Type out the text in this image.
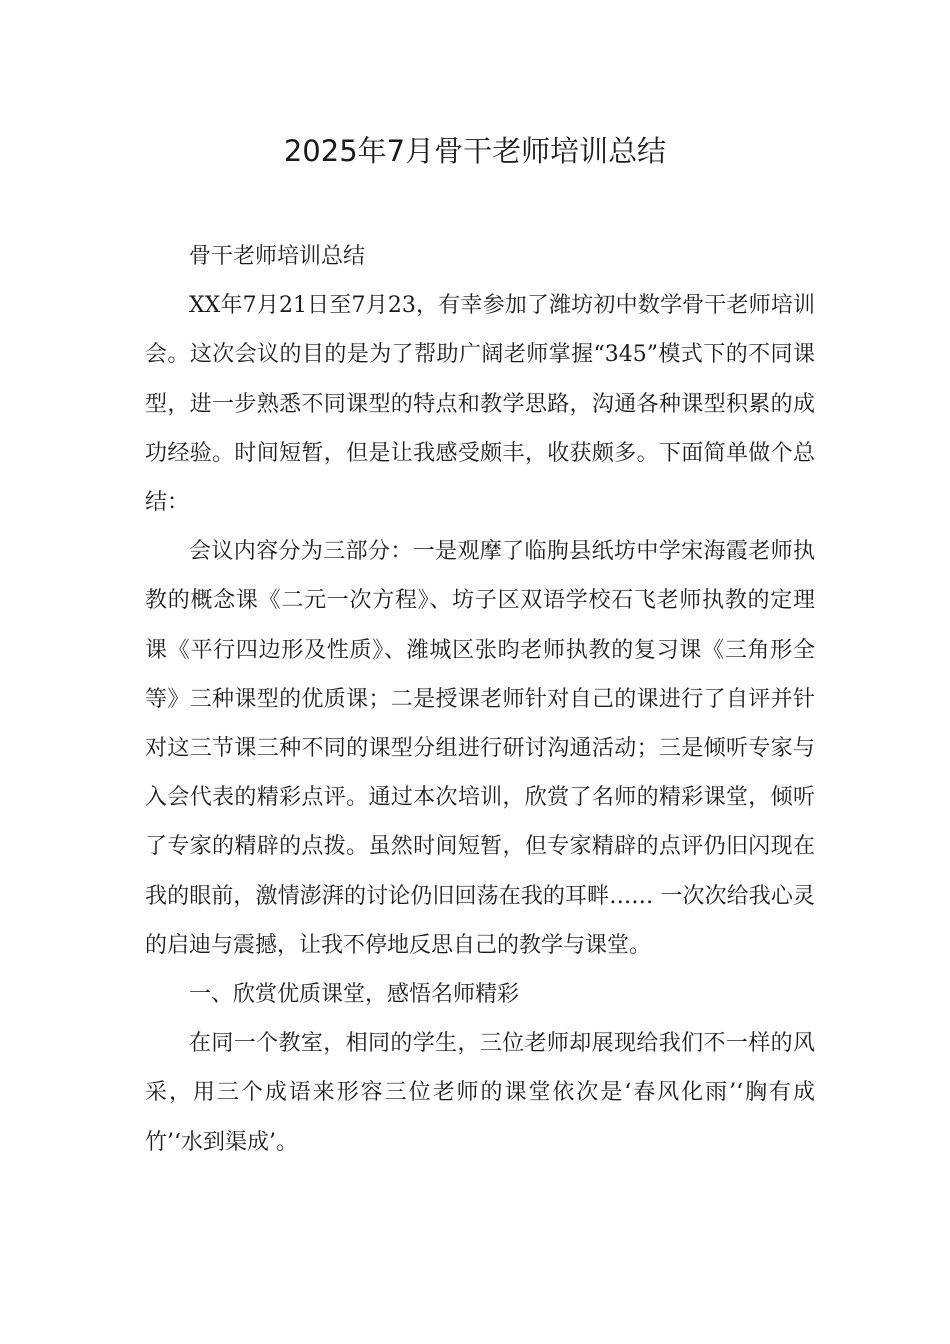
2025年7月骨干老师培训总结

骨干老师培训总结

XX年7月21日至7月23，有幸参加了潍坊初中数学骨干老师培训会。这次会议的目的是为了帮助广阔老师掌握“345”模式下的不同课型，进一步熟悉不同课型的特点和教学思路，沟通各种课型积累的成功经验。时间短暂，但是让我感受颇丰，收获颇多。下面简单做个总结：

会议内容分为三部分：一是观摩了临朐县纸坊中学宋海霞老师执教的概念课《二元一次方程》、坊子区双语学校石飞老师执教的定理课《平行四边形及性质》、潍城区张昀老师执教的复习课《三角形全等》三种课型的优质课；二是授课老师针对自己的课进行了自评并针对这三节课三种不同的课型分组进行研讨沟通活动；三是倾听专家与入会代表的精彩点评。通过本次培训，欣赏了名师的精彩课堂，倾听了专家的精辟的点拨。虽然时间短暂，但专家精辟的点评仍旧闪现在我的眼前，激情澎湃的讨论仍旧回荡在我的耳畔…… 一次次给我心灵的启迪与震撼，让我不停地反思自己的教学与课堂。

一、欣赏优质课堂，感悟名师精彩

在同一个教室，相同的学生，三位老师却展现给我们不一样的风采，用三个成语来形容三位老师的课堂依次是‘春风化雨’‘胸有成竹’‘水到渠成’。
